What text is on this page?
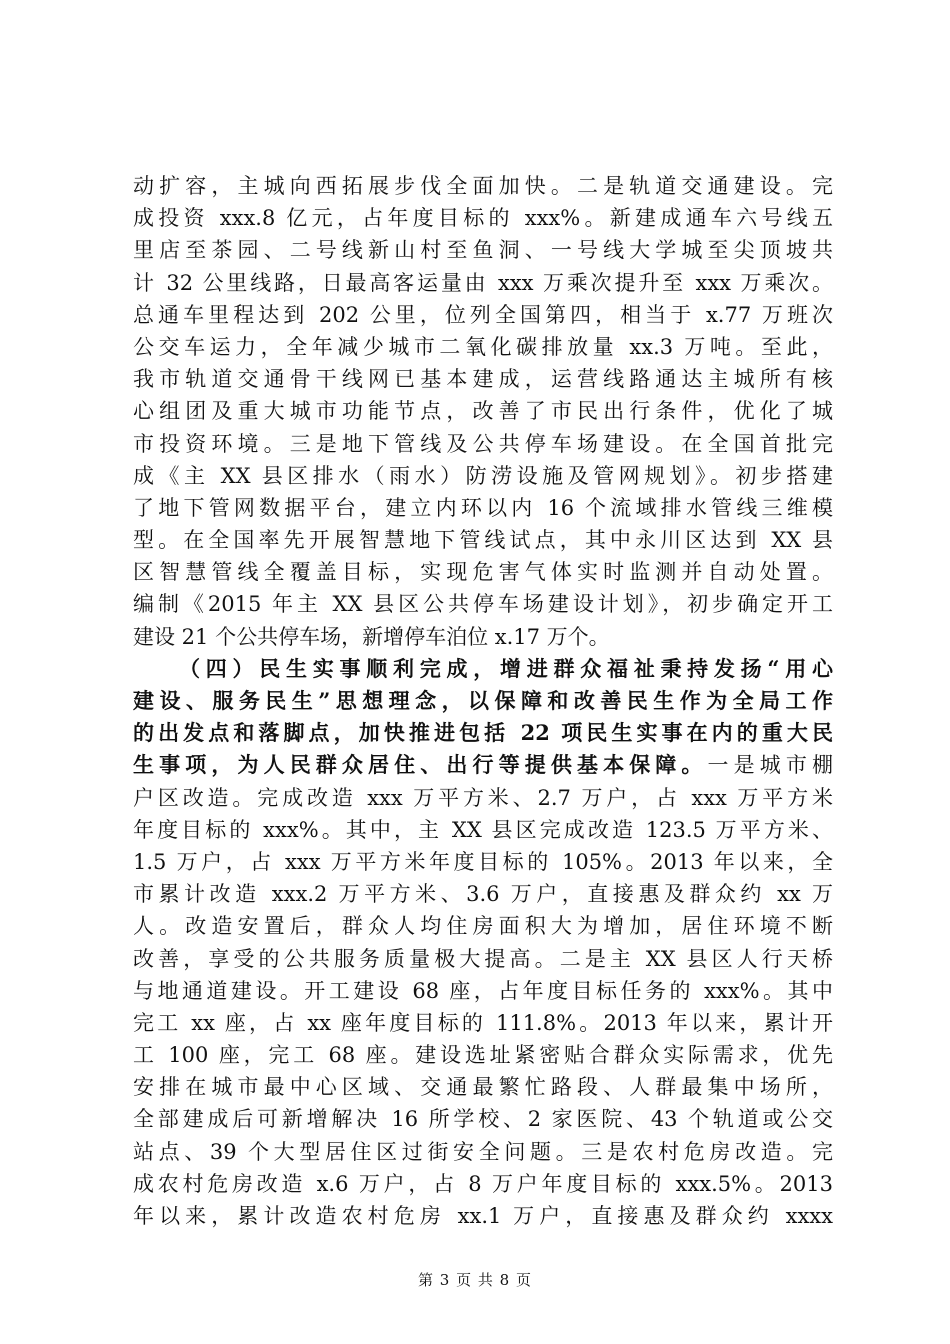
动扩容，主城向西拓展步伐全面加快。二是轨道交通建设。完
成投资 xxx.8 亿元，占年度目标的 xxx%。新建成通车六号线五
里店至茶园、二号线新山村至鱼洞、一号线大学城至尖顶坡共
计 32 公里线路，日最高客运量由 xxx 万乘次提升至 xxx 万乘次。
总通车里程达到 202 公里，位列全国第四，相当于 x.77 万班次
公交车运力，全年减少城市二氧化碳排放量 xx.3 万吨。至此，
我市轨道交通骨干线网已基本建成，运营线路通达主城所有核
心组团及重大城市功能节点，改善了市民出行条件，优化了城
市投资环境。三是地下管线及公共停车场建设。在全国首批完
成《主 XX 县区排水（雨水）防涝设施及管网规划》。初步搭建
了地下管网数据平台，建立内环以内 16 个流域排水管线三维模
型。在全国率先开展智慧地下管线试点，其中永川区达到 XX 县
区智慧管线全覆盖目标，实现危害气体实时监测并自动处置。
编制《2015 年主 XX 县区公共停车场建设计划》，初步确定开工
建设 21 个公共停车场，新增停车泊位 x.17 万个。
（四）民生实事顺利完成，增进群众福祉秉持发扬“用心
建设、服务民生”思想理念，以保障和改善民生作为全局工作
的出发点和落脚点，加快推进包括 22 项民生实事在内的重大民
生事项，为人民群众居住、出行等提供基本保障。一是城市棚
户区改造。完成改造 xxx 万平方米、2.7 万户，占 xxx 万平方米
年度目标的 xxx%。其中，主 XX 县区完成改造 123.5 万平方米、
1.5 万户，占 xxx 万平方米年度目标的 105%。2013 年以来，全
市累计改造 xxx.2 万平方米、3.6 万户，直接惠及群众约 xx 万
人。改造安置后，群众人均住房面积大为增加，居住环境不断
改善，享受的公共服务质量极大提高。二是主 XX 县区人行天桥
与地通道建设。开工建设 68 座，占年度目标任务的 xxx%。其中
完工 xx 座，占 xx 座年度目标的 111.8%。2013 年以来，累计开
工 100 座，完工 68 座。建设选址紧密贴合群众实际需求，优先
安排在城市最中心区域、交通最繁忙路段、人群最集中场所，
全部建成后可新增解决 16 所学校、2 家医院、43 个轨道或公交
站点、39 个大型居住区过街安全问题。三是农村危房改造。完
成农村危房改造 x.6 万户，占 8 万户年度目标的 xxx.5%。2013
年以来，累计改造农村危房 xx.1 万户，直接惠及群众约 xxxx
第 3 页 共 8 页
